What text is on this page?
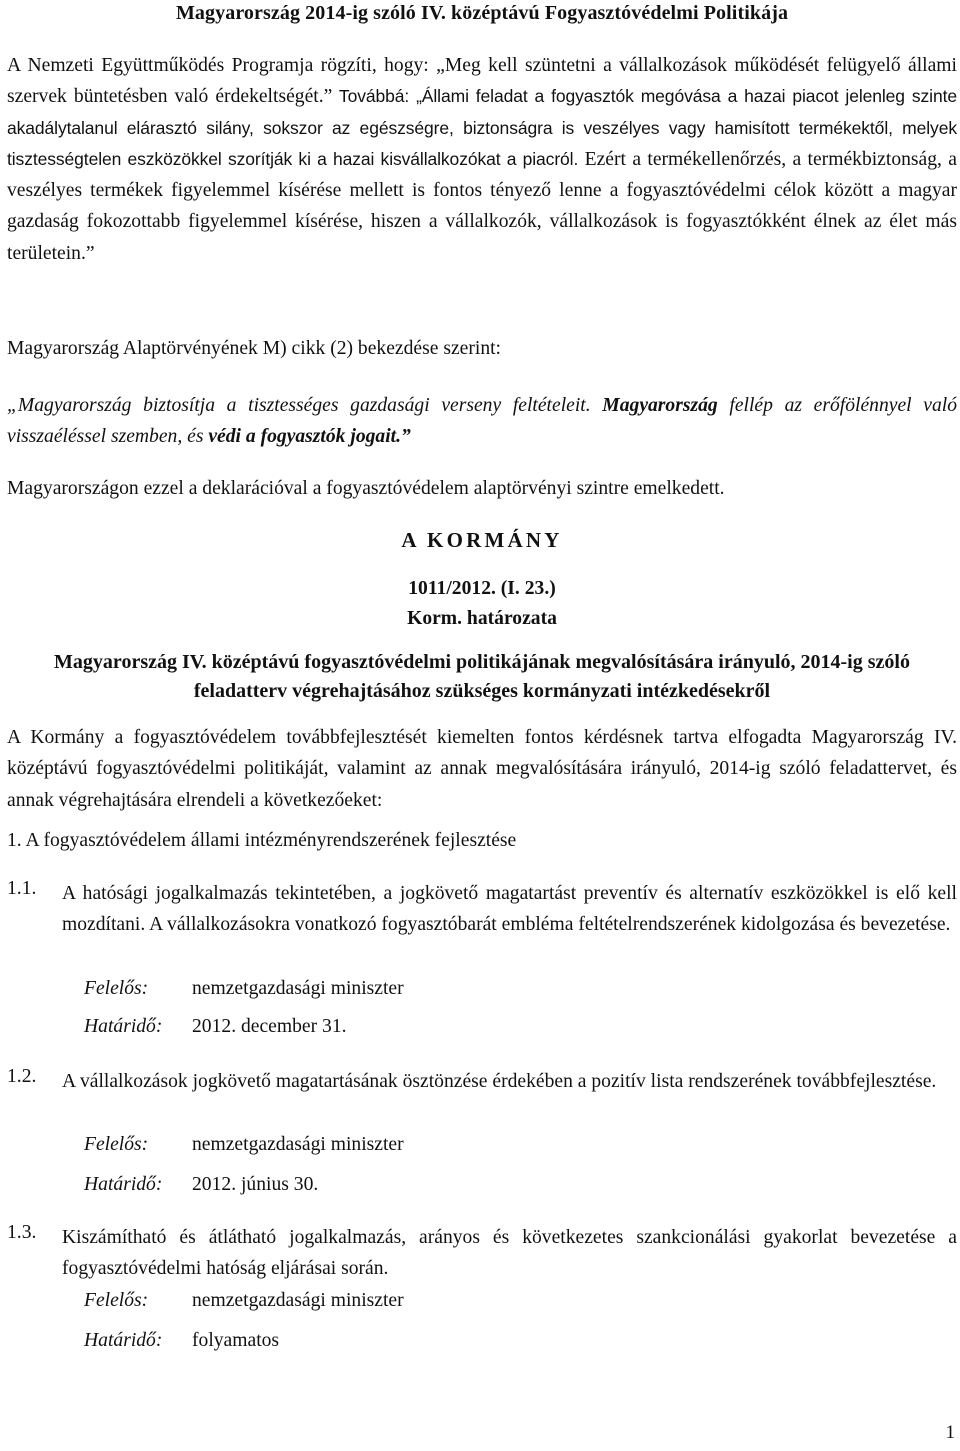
Magyarország 2014-ig szóló IV. középtávú Fogyasztóvédelmi Politikája

A Nemzeti Együttműködés Programja rögzíti, hogy: „Meg kell szüntetni a vállalkozások működését felügyelő állami szervek büntetésben való érdekeltségét.” Továbbá: „Állami feladat a fogyasztók megóvása a hazai piacot jelenleg szinte akadálytalanul elárasztó silány, sokszor az egészségre, biztonságra is veszélyes vagy hamisított termékektől, melyek tisztességtelen eszközökkel szorítják ki a hazai kisvállalkozókat a piacról. Ezért a termékellenőrzés, a termékbiztonság, a veszélyes termékek figyelemmel kísérése mellett is fontos tényező lenne a fogyasztóvédelmi célok között a magyar gazdaság fokozottabb figyelemmel kísérése, hiszen a vállalkozók, vállalkozások is fogyasztókként élnek az élet más területein.”

Magyarország Alaptörvényének M) cikk (2) bekezdése szerint:

„Magyarország biztosítja a tisztességes gazdasági verseny feltételeit. Magyarország fellép az erőfölénnyel való visszaéléssel szemben, és védi a fogyasztók jogait.”

Magyarországon ezzel a deklarációval a fogyasztóvédelem alaptörvényi szintre emelkedett.

A KORMÁNY

1011/2012. (I. 23.)

Korm. határozata

Magyarország IV. középtávú fogyasztóvédelmi politikájának megvalósítására irányuló, 2014-ig szóló feladatterv végrehajtásához szükséges kormányzati intézkedésekről

A Kormány a fogyasztóvédelem továbbfejlesztését kiemelten fontos kérdésnek tartva elfogadta Magyarország IV. középtávú fogyasztóvédelmi politikáját, valamint az annak megvalósítására irányuló, 2014-ig szóló feladattervet, és annak végrehajtására elrendeli a következőeket:

1. A fogyasztóvédelem állami intézményrendszerének fejlesztése

1.1. A hatósági jogalkalmazás tekintetében, a jogkövető magatartást preventív és alternatív eszközökkel is elő kell mozdítani. A vállalkozásokra vonatkozó fogyasztóbarát embléma feltételrendszerének kidolgozása és bevezetése.

Felelős: nemzetgazdasági miniszter
Határidő: 2012. december 31.
1.2. A vállalkozások jogkövető magatartásának ösztönzése érdekében a pozitív lista rendszerének továbbfejlesztése.

Felelős: nemzetgazdasági miniszter
Határidő: 2012. június 30.
1.3. Kiszámítható és átlátható jogalkalmazás, arányos és következetes szankcionálási gyakorlat bevezetése a fogyasztóvédelmi hatóság eljárásai során.

Felelős: nemzetgazdasági miniszter
Határidő: folyamatos
1
